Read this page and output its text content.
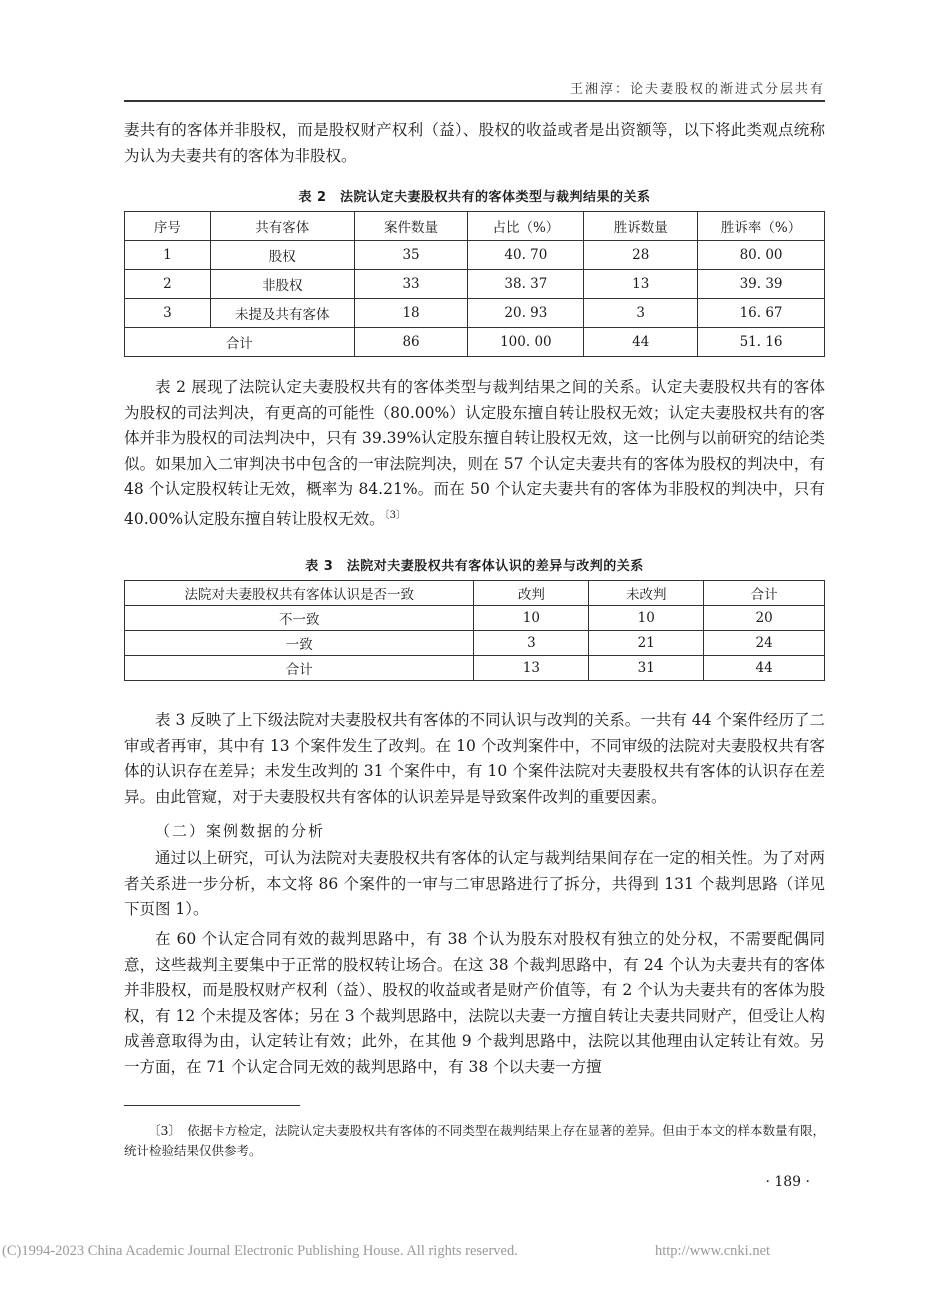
王湘淳：论夫妻股权的渐进式分层共有

妻共有的客体并非股权，而是股权财产权利（益）、股权的收益或者是出资额等，以下将此类观点统称为认为夫妻共有的客体为非股权。

表 2　法院认定夫妻股权共有的客体类型与裁判结果的关系
序号	共有客体	案件数量	占比（%）	胜诉数量	胜诉率（%）
1	股权	35	40. 70	28	80. 00
2	非股权	33	38. 37	13	39. 39
3	未提及共有客体	18	20. 93	3	16. 67
合计		86	100. 00	44	51. 16

表 2 展现了法院认定夫妻股权共有的客体类型与裁判结果之间的关系。认定夫妻股权共有的客体为股权的司法判决，有更高的可能性（80.00%）认定股东擅自转让股权无效；认定夫妻股权共有的客体并非为股权的司法判决中，只有 39.39%认定股东擅自转让股权无效，这一比例与以前研究的结论类似。如果加入二审判决书中包含的一审法院判决，则在 57 个认定夫妻共有的客体为股权的判决中，有 48 个认定股权转让无效，概率为 84.21%。而在 50 个认定夫妻共有的客体为非股权的判决中，只有 40.00%认定股东擅自转让股权无效。$^{〔3〕}$

表 3　法院对夫妻股权共有客体认识的差异与改判的关系
法院对夫妻股权共有客体认识是否一致	改判	未改判	合计
不一致	10	10	20
一致	3	21	24
合计	13	31	44

表 3 反映了上下级法院对夫妻股权共有客体的不同认识与改判的关系。一共有 44 个案件经历了二审或者再审，其中有 13 个案件发生了改判。在 10 个改判案件中，不同审级的法院对夫妻股权共有客体的认识存在差异；未发生改判的 31 个案件中，有 10 个案件法院对夫妻股权共有客体的认识存在差异。由此管窥，对于夫妻股权共有客体的认识差异是导致案件改判的重要因素。

（二）案例数据的分析

通过以上研究，可认为法院对夫妻股权共有客体的认定与裁判结果间存在一定的相关性。为了对两者关系进一步分析，本文将 86 个案件的一审与二审思路进行了拆分，共得到 131 个裁判思路（详见下页图 1）。

在 60 个认定合同有效的裁判思路中，有 38 个认为股东对股权有独立的处分权，不需要配偶同意，这些裁判主要集中于正常的股权转让场合。在这 38 个裁判思路中，有 24 个认为夫妻共有的客体并非股权，而是股权财产权利（益）、股权的收益或者是财产价值等，有 2 个认为夫妻共有的客体为股权，有 12 个未提及客体；另在 3 个裁判思路中，法院以夫妻一方擅自转让夫妻共同财产，但受让人构成善意取得为由，认定转让有效；此外，在其他 9 个裁判思路中，法院以其他理由认定转让有效。另一方面，在 71 个认定合同无效的裁判思路中，有 38 个以夫妻一方擅

〔3〕　依据卡方检定，法院认定夫妻股权共有客体的不同类型在裁判结果上存在显著的差异。但由于本文的样本数量有限，统计检验结果仅供参考。

· 189 ·
(C)1994-2023 China Academic Journal Electronic Publishing House. All rights reserved.	http://www.cnki.net
